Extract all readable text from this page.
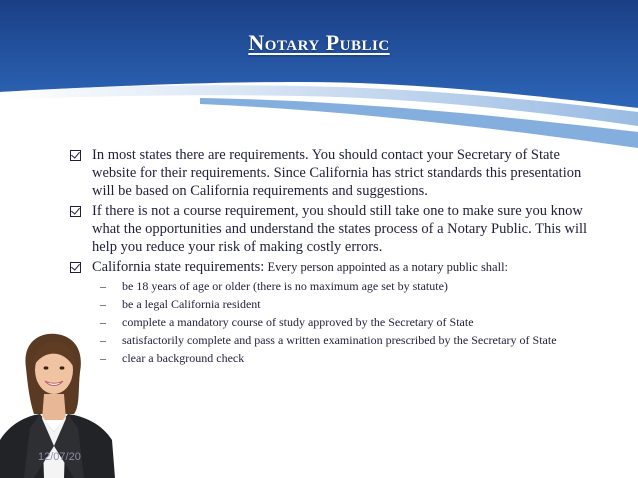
Notary Public
In most states there are requirements. You should contact your Secretary of State website for their requirements. Since California has strict standards this presentation will be based on California requirements and suggestions.
If there is not a course requirement, you should still take one to make sure you know what the opportunities and understand the states process of a Notary Public. This will help you reduce your risk of making costly errors.
California state requirements: Every person appointed as a notary public shall:
–	be 18 years of age or older (there is no maximum age set by statute)
–	be a legal California resident
–	complete a mandatory course of study approved by the Secretary of State
–	satisfactorily complete and pass a written examination prescribed by the Secretary of State
–	clear a background check
12/07/20
